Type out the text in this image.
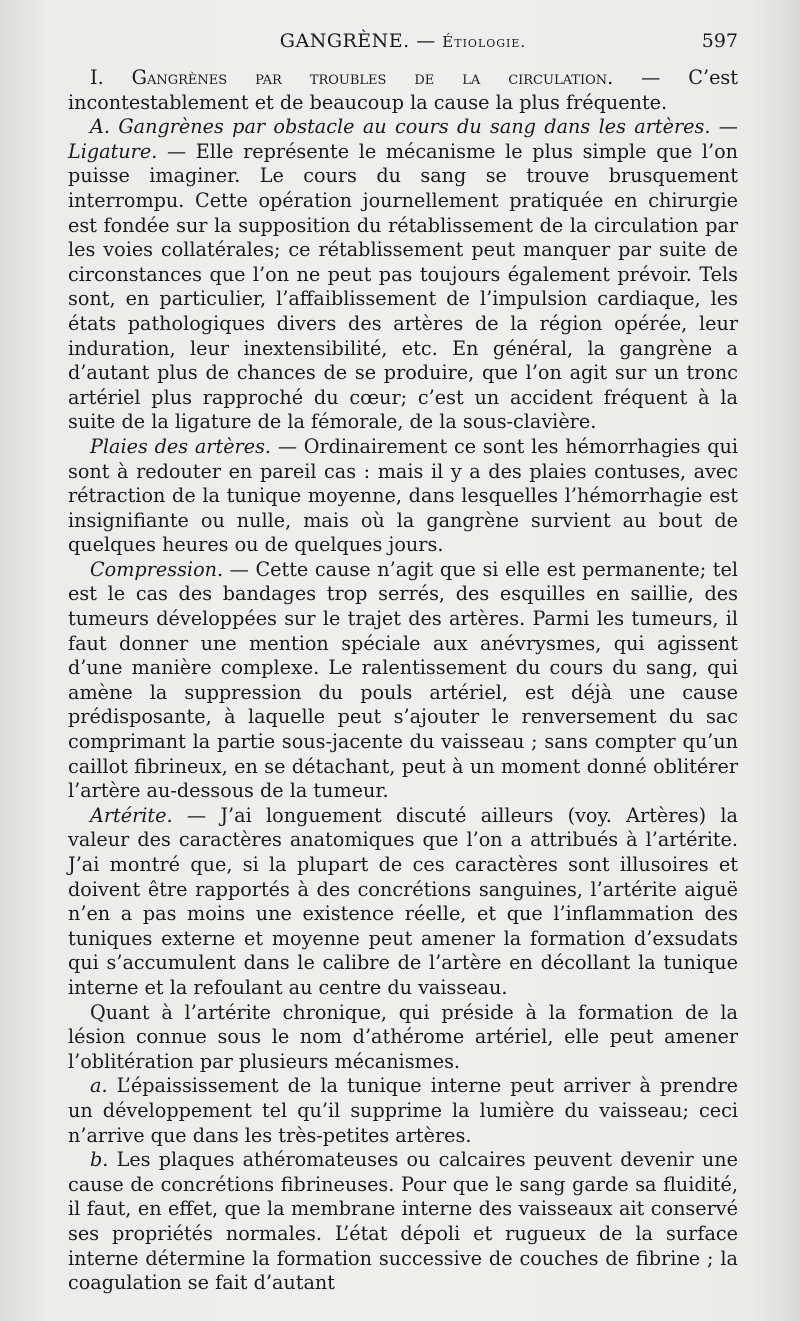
GANGRÈNE. — Étiologie.	597

I. Gangrènes par troubles de la circulation. — C’est incontestablement et de beaucoup la cause la plus fréquente.

A. Gangrènes par obstacle au cours du sang dans les artères. — Ligature. — Elle représente le mécanisme le plus simple que l’on puisse imaginer. Le cours du sang se trouve brusquement interrompu. Cette opération journellement pratiquée en chirurgie est fondée sur la supposition du rétablissement de la circulation par les voies collatérales; ce rétablissement peut manquer par suite de circonstances que l’on ne peut pas toujours également prévoir. Tels sont, en particulier, l’affaiblissement de l’impulsion cardiaque, les états pathologiques divers des artères de la région opérée, leur induration, leur inextensibilité, etc. En général, la gangrène a d’autant plus de chances de se produire, que l’on agit sur un tronc artériel plus rapproché du cœur; c’est un accident fréquent à la suite de la ligature de la fémorale, de la sous-clavière.

Plaies des artères. — Ordinairement ce sont les hémorrhagies qui sont à redouter en pareil cas : mais il y a des plaies contuses, avec rétraction de la tunique moyenne, dans lesquelles l’hémorrhagie est insignifiante ou nulle, mais où la gangrène survient au bout de quelques heures ou de quelques jours.

Compression. — Cette cause n’agit que si elle est permanente; tel est le cas des bandages trop serrés, des esquilles en saillie, des tumeurs développées sur le trajet des artères. Parmi les tumeurs, il faut donner une mention spéciale aux anévrysmes, qui agissent d’une manière complexe. Le ralentissement du cours du sang, qui amène la suppression du pouls artériel, est déjà une cause prédisposante, à laquelle peut s’ajouter le renversement du sac comprimant la partie sous-jacente du vaisseau ; sans compter qu’un caillot fibrineux, en se détachant, peut à un moment donné oblitérer l’artère au-dessous de la tumeur.

Artérite. — J’ai longuement discuté ailleurs (voy. Artères) la valeur des caractères anatomiques que l’on a attribués à l’artérite. J’ai montré que, si la plupart de ces caractères sont illusoires et doivent être rapportés à des concrétions sanguines, l’artérite aiguë n’en a pas moins une existence réelle, et que l’inflammation des tuniques externe et moyenne peut amener la formation d’exsudats qui s’accumulent dans le calibre de l’artère en décollant la tunique interne et la refoulant au centre du vaisseau.

Quant à l’artérite chronique, qui préside à la formation de la lésion connue sous le nom d’athérome artériel, elle peut amener l’oblitération par plusieurs mécanismes.

a. L’épaississement de la tunique interne peut arriver à prendre un développement tel qu’il supprime la lumière du vaisseau; ceci n’arrive que dans les très-petites artères.

b. Les plaques athéromateuses ou calcaires peuvent devenir une cause de concrétions fibrineuses. Pour que le sang garde sa fluidité, il faut, en effet, que la membrane interne des vaisseaux ait conservé ses propriétés normales. L’état dépoli et rugueux de la surface interne détermine la formation successive de couches de fibrine ; la coagulation se fait d’autant
